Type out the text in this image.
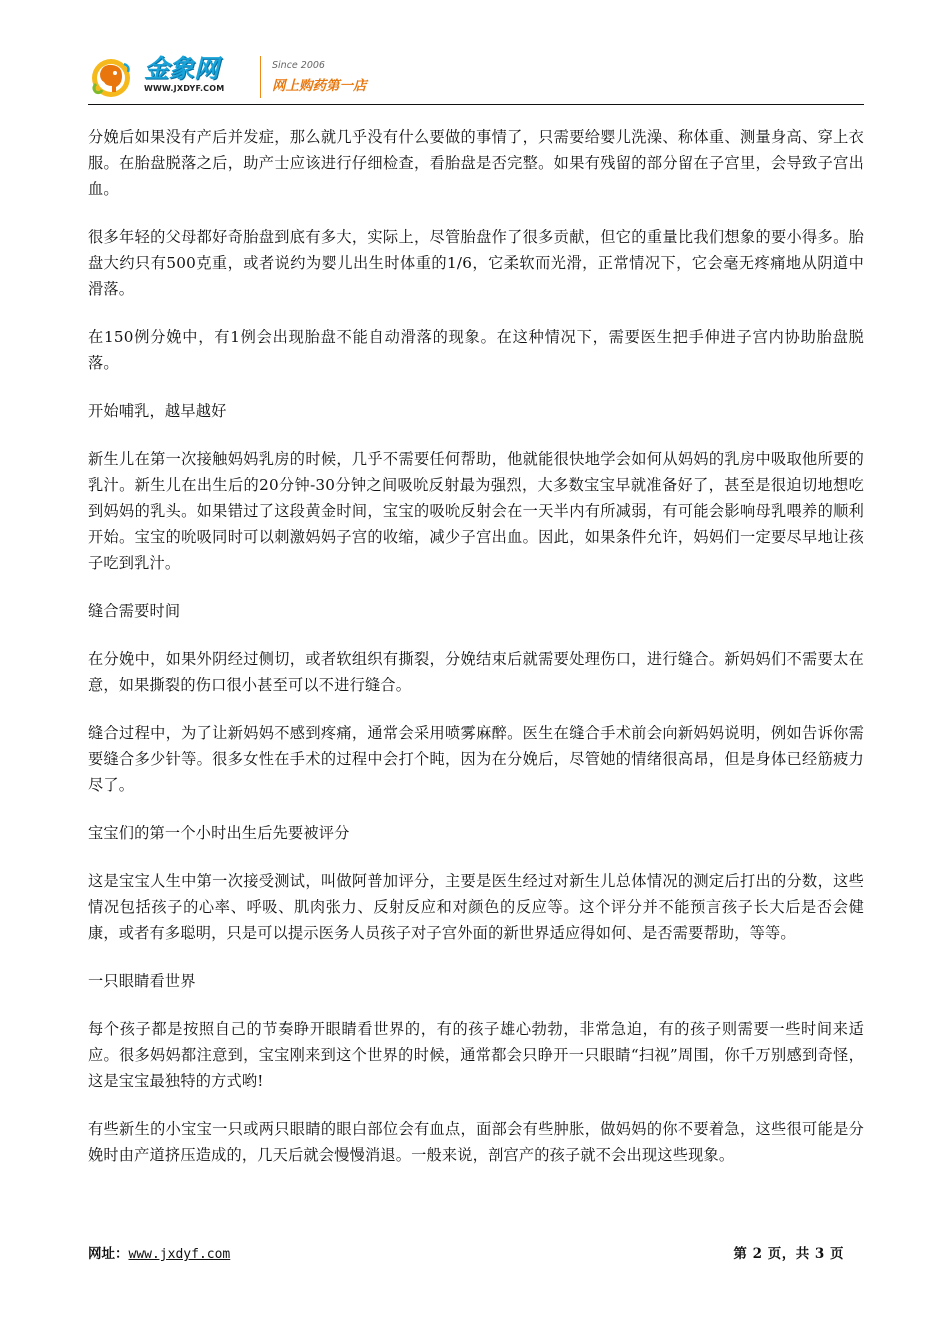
金象网
WWW.JXDYF.COM
Since 2006
网上购药第一店

分娩后如果没有产后并发症，那么就几乎没有什么要做的事情了，只需要给婴儿洗澡、称体重、测量身高、穿上衣服。在胎盘脱落之后，助产士应该进行仔细检查，看胎盘是否完整。如果有残留的部分留在子宫里，会导致子宫出血。

很多年轻的父母都好奇胎盘到底有多大，实际上，尽管胎盘作了很多贡献，但它的重量比我们想象的要小得多。胎盘大约只有500克重，或者说约为婴儿出生时体重的1/6，它柔软而光滑，正常情况下，它会毫无疼痛地从阴道中滑落。

在150例分娩中，有1例会出现胎盘不能自动滑落的现象。在这种情况下，需要医生把手伸进子宫内协助胎盘脱落。

开始哺乳，越早越好

新生儿在第一次接触妈妈乳房的时候，几乎不需要任何帮助，他就能很快地学会如何从妈妈的乳房中吸取他所要的乳汁。新生儿在出生后的20分钟-30分钟之间吸吮反射最为强烈，大多数宝宝早就准备好了，甚至是很迫切地想吃到妈妈的乳头。如果错过了这段黄金时间，宝宝的吸吮反射会在一天半内有所减弱，有可能会影响母乳喂养的顺利开始。宝宝的吮吸同时可以刺激妈妈子宫的收缩，减少子宫出血。因此，如果条件允许，妈妈们一定要尽早地让孩子吃到乳汁。

缝合需要时间

在分娩中，如果外阴经过侧切，或者软组织有撕裂，分娩结束后就需要处理伤口，进行缝合。新妈妈们不需要太在意，如果撕裂的伤口很小甚至可以不进行缝合。

缝合过程中，为了让新妈妈不感到疼痛，通常会采用喷雾麻醉。医生在缝合手术前会向新妈妈说明，例如告诉你需要缝合多少针等。很多女性在手术的过程中会打个盹，因为在分娩后，尽管她的情绪很高昂，但是身体已经筋疲力尽了。

宝宝们的第一个小时出生后先要被评分

这是宝宝人生中第一次接受测试，叫做阿普加评分，主要是医生经过对新生儿总体情况的测定后打出的分数，这些情况包括孩子的心率、呼吸、肌肉张力、反射反应和对颜色的反应等。这个评分并不能预言孩子长大后是否会健康，或者有多聪明，只是可以提示医务人员孩子对子宫外面的新世界适应得如何、是否需要帮助，等等。

一只眼睛看世界

每个孩子都是按照自己的节奏睁开眼睛看世界的，有的孩子雄心勃勃，非常急迫，有的孩子则需要一些时间来适应。很多妈妈都注意到，宝宝刚来到这个世界的时候，通常都会只睁开一只眼睛“扫视”周围，你千万别感到奇怪，这是宝宝最独特的方式哟!

有些新生的小宝宝一只或两只眼睛的眼白部位会有血点，面部会有些肿胀，做妈妈的你不要着急，这些很可能是分娩时由产道挤压造成的，几天后就会慢慢消退。一般来说，剖宫产的孩子就不会出现这些现象。

网址：www.jxdyf.com	第 2 页，共 3 页
